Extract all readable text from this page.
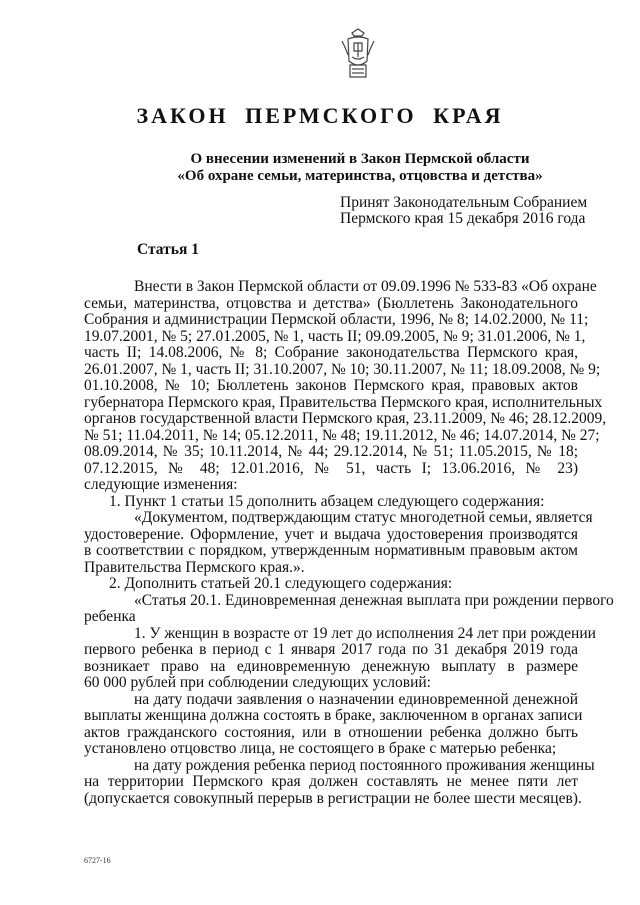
ЗАКОН ПЕРМСКОГО КРАЯ
О внесении изменений в Закон Пермской области
«Об охране семьи, материнства, отцовства и детства»
Принят Законодательным Собранием
Пермского края 15 декабря 2016 года
Статья 1
Внести в Закон Пермской области от 09.09.1996 № 533-83 «Об охране
семьи, материнства, отцовства и детства» (Бюллетень Законодательного
Собрания и администрации Пермской области, 1996, № 8; 14.02.2000, № 11;
19.07.2001, № 5; 27.01.2005, № 1, часть II; 09.09.2005, № 9; 31.01.2006, № 1,
часть II; 14.08.2006, № 8; Собрание законодательства Пермского края,
26.01.2007, № 1, часть II; 31.10.2007, № 10; 30.11.2007, № 11; 18.09.2008, № 9;
01.10.2008, № 10; Бюллетень законов Пермского края, правовых актов
губернатора Пермского края, Правительства Пермского края, исполнительных
органов государственной власти Пермского края, 23.11.2009, № 46; 28.12.2009,
№ 51; 11.04.2011, № 14; 05.12.2011, № 48; 19.11.2012, № 46; 14.07.2014, № 27;
08.09.2014, № 35; 10.11.2014, № 44; 29.12.2014, № 51; 11.05.2015, № 18;
07.12.2015, № 48; 12.01.2016, № 51, часть I; 13.06.2016, № 23)
следующие изменения:
1. Пункт 1 статьи 15 дополнить абзацем следующего содержания:
«Документом, подтверждающим статус многодетной семьи, является
удостоверение. Оформление, учет и выдача удостоверения производятся
в соответствии с порядком, утвержденным нормативным правовым актом
Правительства Пермского края.».
2. Дополнить статьей 20.1 следующего содержания:
«Статья 20.1. Единовременная денежная выплата при рождении первого
ребенка
1. У женщин в возрасте от 19 лет до исполнения 24 лет при рождении
первого ребенка в период с 1 января 2017 года по 31 декабря 2019 года
возникает право на единовременную денежную выплату в размере
60 000 рублей при соблюдении следующих условий:
на дату подачи заявления о назначении единовременной денежной
выплаты женщина должна состоять в браке, заключенном в органах записи
актов гражданского состояния, или в отношении ребенка должно быть
установлено отцовство лица, не состоящего в браке с матерью ребенка;
на дату рождения ребенка период постоянного проживания женщины
на территории Пермского края должен составлять не менее пяти лет
(допускается совокупный перерыв в регистрации не более шести месяцев).
6727-16
